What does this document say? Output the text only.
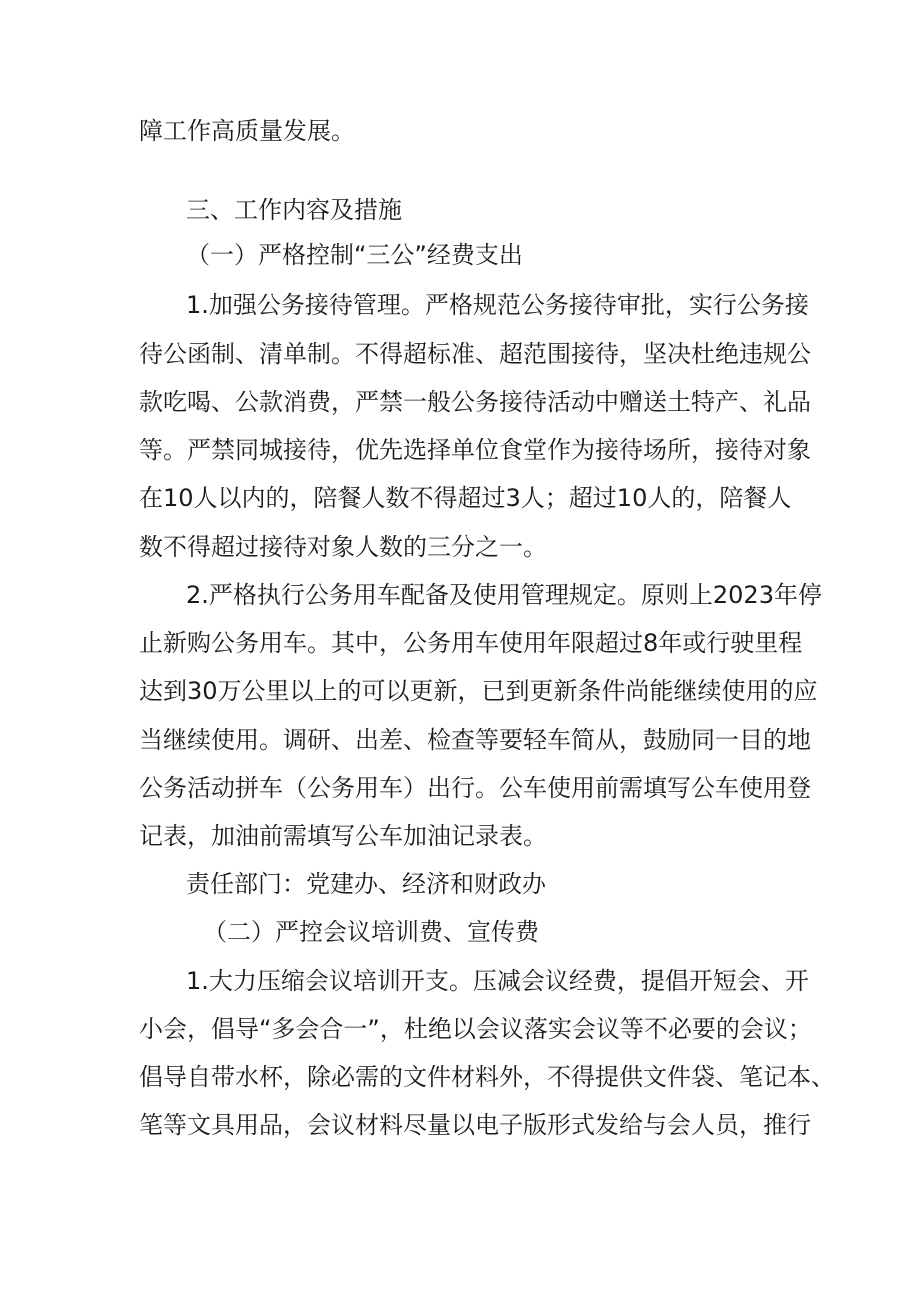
障工作高质量发展。

三、工作内容及措施

（一）严格控制“三公”经费支出

1.加强公务接待管理。严格规范公务接待审批，实行公务接

待公函制、清单制。不得超标准、超范围接待，坚决杜绝违规公

款吃喝、公款消费，严禁一般公务接待活动中赠送土特产、礼品

等。严禁同城接待，优先选择单位食堂作为接待场所，接待对象

在10人以内的，陪餐人数不得超过3人；超过10人的，陪餐人

数不得超过接待对象人数的三分之一。

2.严格执行公务用车配备及使用管理规定。原则上2023年停

止新购公务用车。其中，公务用车使用年限超过8年或行驶里程

达到30万公里以上的可以更新，已到更新条件尚能继续使用的应

当继续使用。调研、出差、检查等要轻车简从，鼓励同一目的地

公务活动拼车（公务用车）出行。公车使用前需填写公车使用登

记表，加油前需填写公车加油记录表。

责任部门：党建办、经济和财政办

（二）严控会议培训费、宣传费

1.大力压缩会议培训开支。压减会议经费，提倡开短会、开

小会，倡导“多会合一”，杜绝以会议落实会议等不必要的会议；

倡导自带水杯，除必需的文件材料外，不得提供文件袋、笔记本、

笔等文具用品，会议材料尽量以电子版形式发给与会人员，推行
